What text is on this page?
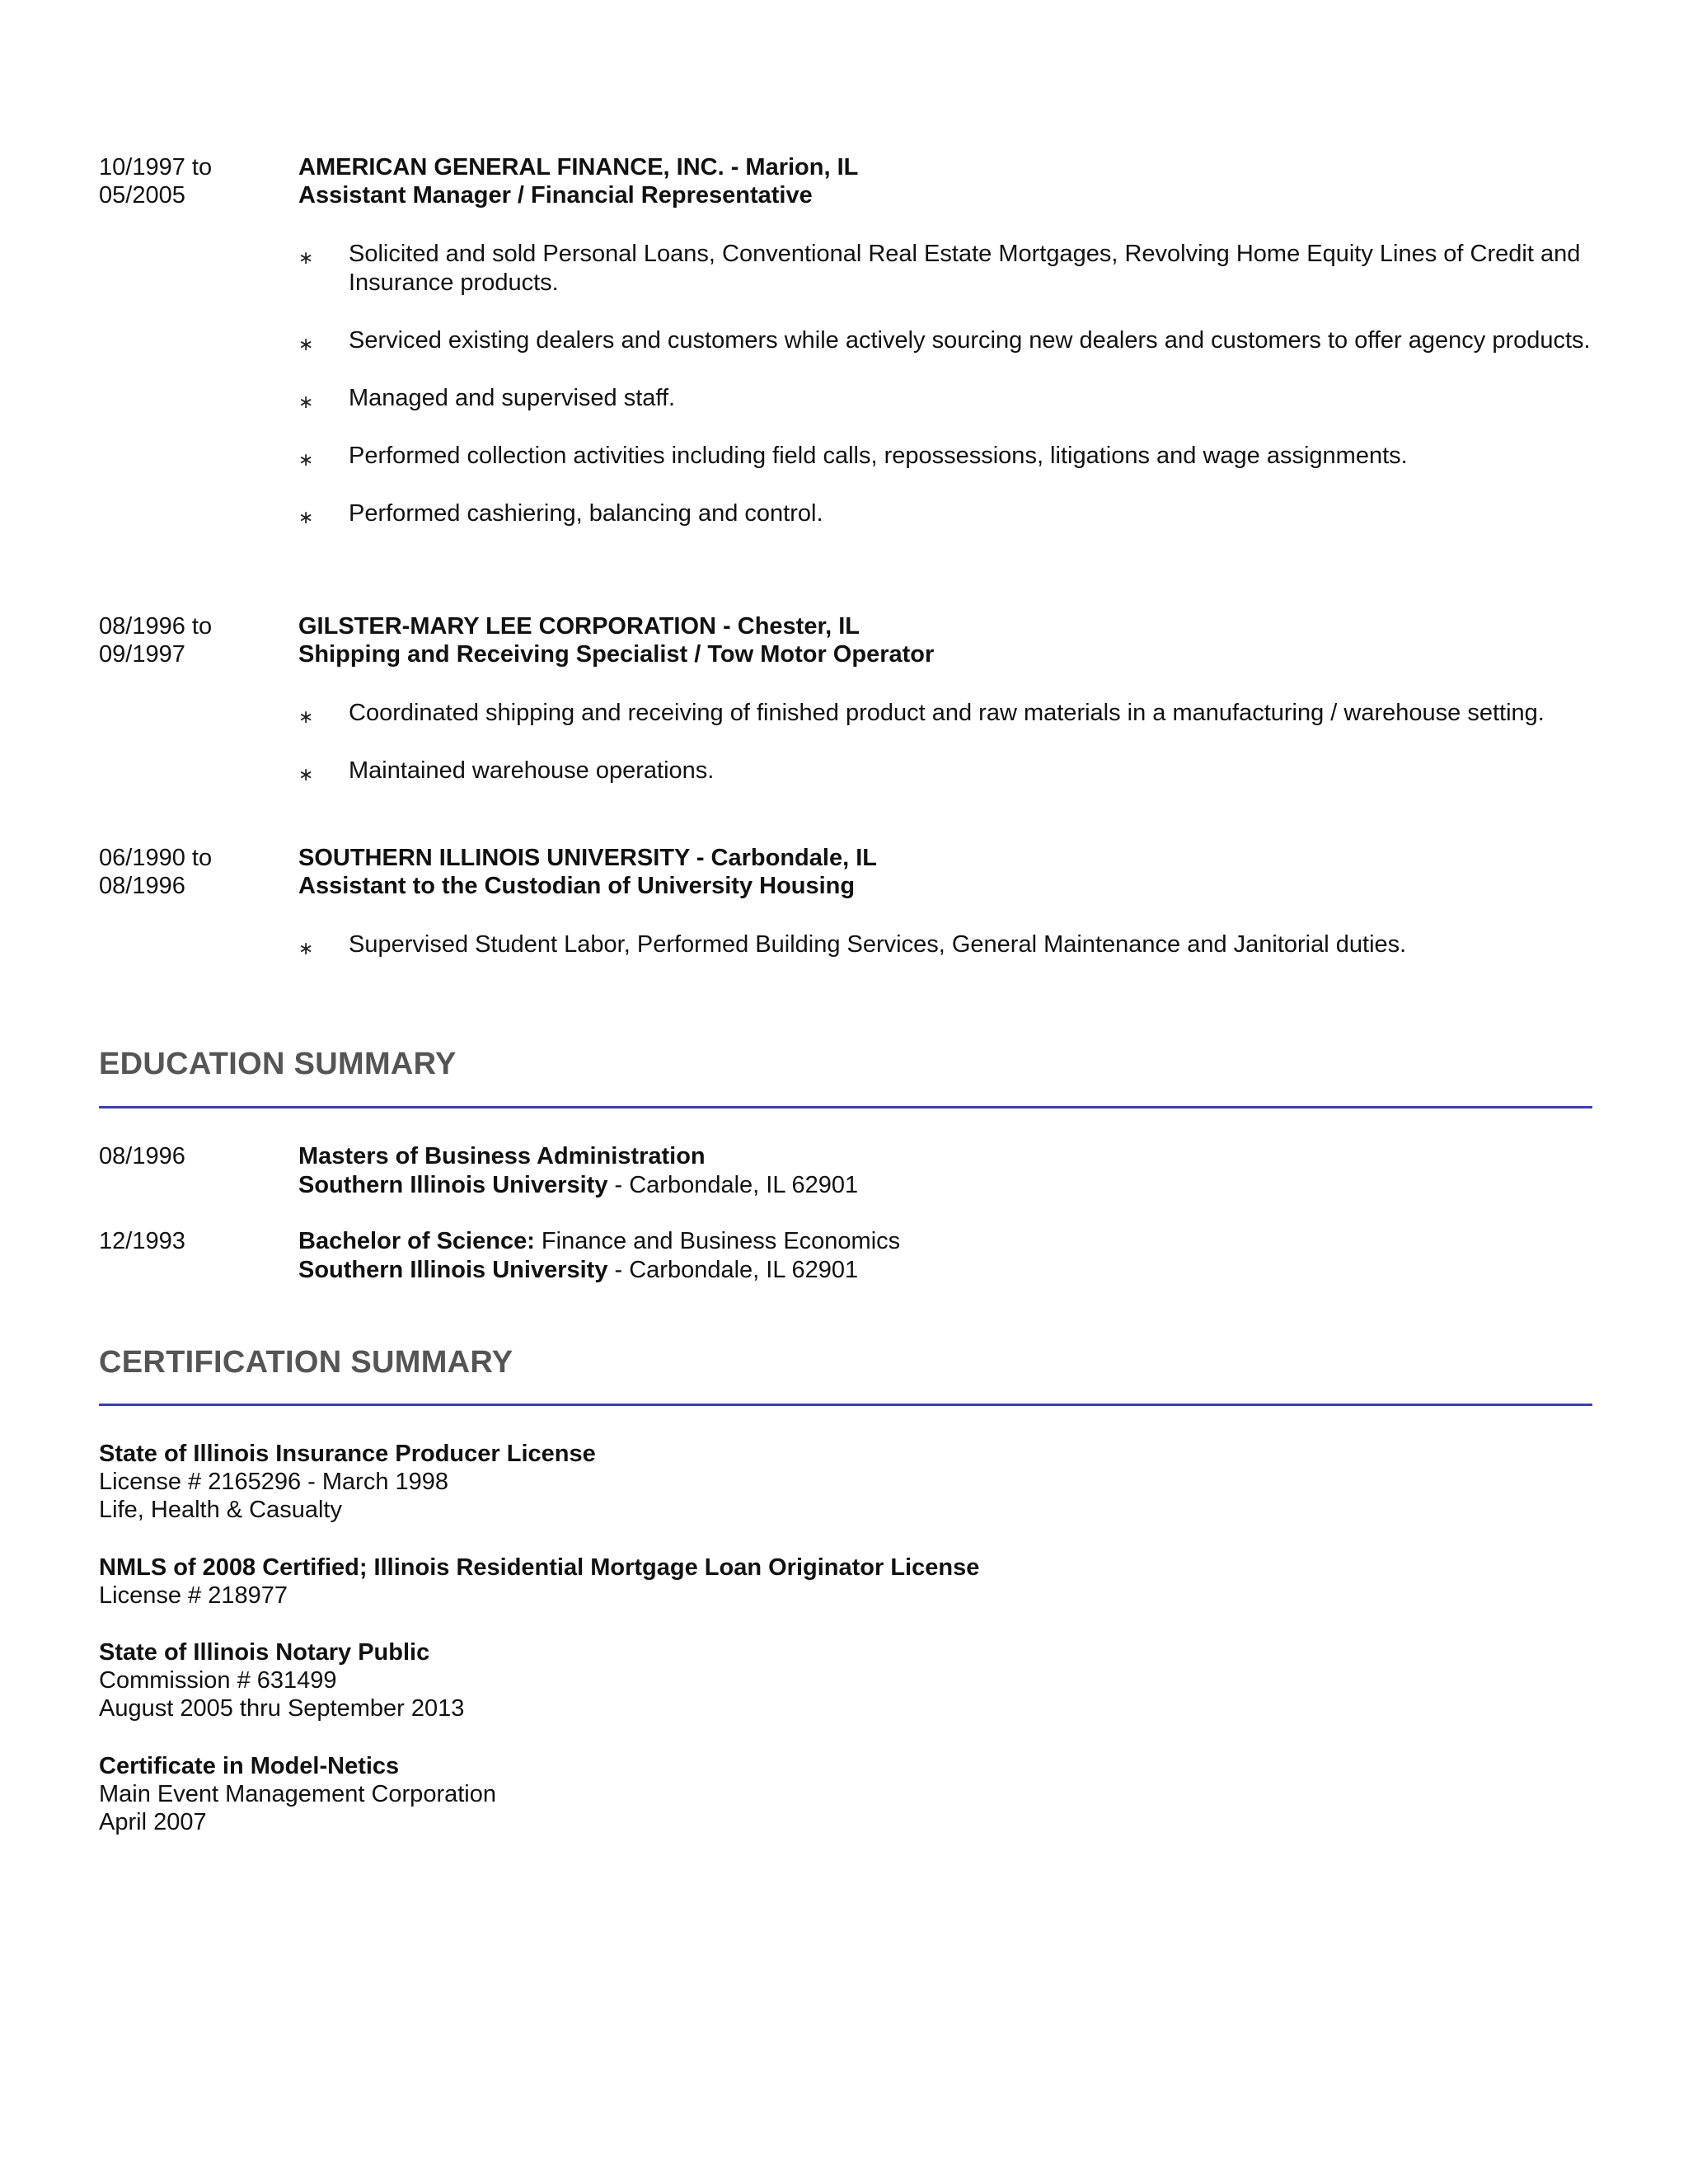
10/1997 to
05/2005
AMERICAN GENERAL FINANCE, INC. - Marion, IL
Assistant Manager / Financial Representative
∗ Solicited and sold Personal Loans, Conventional Real Estate Mortgages, Revolving Home Equity Lines of Credit and Insurance products.
∗ Serviced existing dealers and customers while actively sourcing new dealers and customers to offer agency products.
∗ Managed and supervised staff.
∗ Performed collection activities including field calls, repossessions, litigations and wage assignments.
∗ Performed cashiering, balancing and control.
08/1996 to
09/1997
GILSTER-MARY LEE CORPORATION - Chester, IL
Shipping and Receiving Specialist / Tow Motor Operator
∗ Coordinated shipping and receiving of finished product and raw materials in a manufacturing / warehouse setting.
∗ Maintained warehouse operations.
06/1990 to
08/1996
SOUTHERN ILLINOIS UNIVERSITY - Carbondale, IL
Assistant to the Custodian of University Housing
∗ Supervised Student Labor, Performed Building Services, General Maintenance and Janitorial duties.
EDUCATION SUMMARY
08/1996	Masters of Business Administration
Southern Illinois University - Carbondale, IL 62901
12/1993	Bachelor of Science: Finance and Business Economics
Southern Illinois University - Carbondale, IL 62901
CERTIFICATION SUMMARY
State of Illinois Insurance Producer License
License # 2165296 - March 1998
Life, Health & Casualty
NMLS of 2008 Certified; Illinois Residential Mortgage Loan Originator License
License # 218977
State of Illinois Notary Public
Commission # 631499
August 2005 thru September 2013
Certificate in Model-Netics
Main Event Management Corporation
April 2007
